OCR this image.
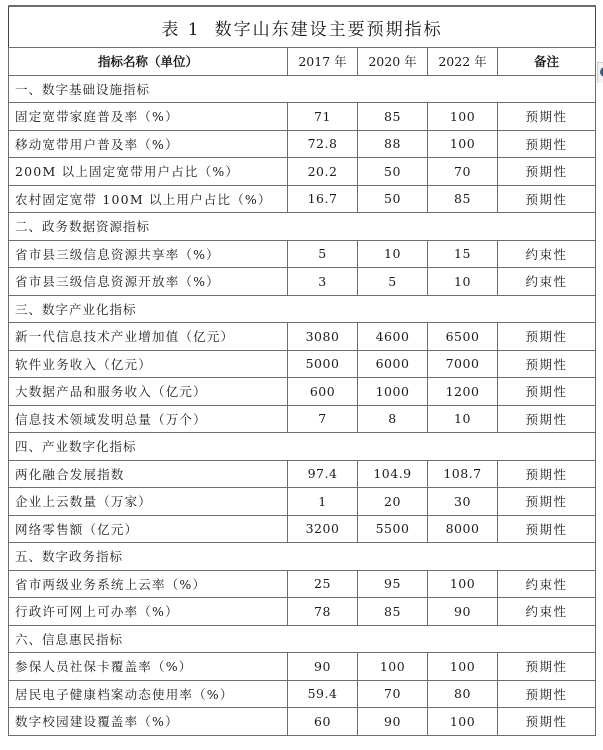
表 1 数字山东建设主要预期指标				
指标名称（单位）	2017 年	2020 年	2022 年	备注
一、数字基础设施指标				
固定宽带家庭普及率（%）	71	85	100	预期性
移动宽带用户普及率（%）	72.8	88	100	预期性
200M 以上固定宽带用户占比（%）	20.2	50	70	预期性
农村固定宽带 100M 以上用户占比（%）	16.7	50	85	预期性
二、政务数据资源指标				
省市县三级信息资源共享率（%）	5	10	15	约束性
省市县三级信息资源开放率（%）	3	5	10	约束性
三、数字产业化指标				
新一代信息技术产业增加值（亿元）	3080	4600	6500	预期性
软件业务收入（亿元）	5000	6000	7000	预期性
大数据产品和服务收入（亿元）	600	1000	1200	预期性
信息技术领域发明总量（万个）	7	8	10	预期性
四、产业数字化指标				
两化融合发展指数	97.4	104.9	108.7	预期性
企业上云数量（万家）	1	20	30	预期性
网络零售额（亿元）	3200	5500	8000	预期性
五、数字政务指标				
省市两级业务系统上云率（%）	25	95	100	约束性
行政许可网上可办率（%）	78	85	90	约束性
六、信息惠民指标				
参保人员社保卡覆盖率（%）	90	100	100	预期性
居民电子健康档案动态使用率（%）	59.4	70	80	预期性
数字校园建设覆盖率（%）	60	90	100	预期性
